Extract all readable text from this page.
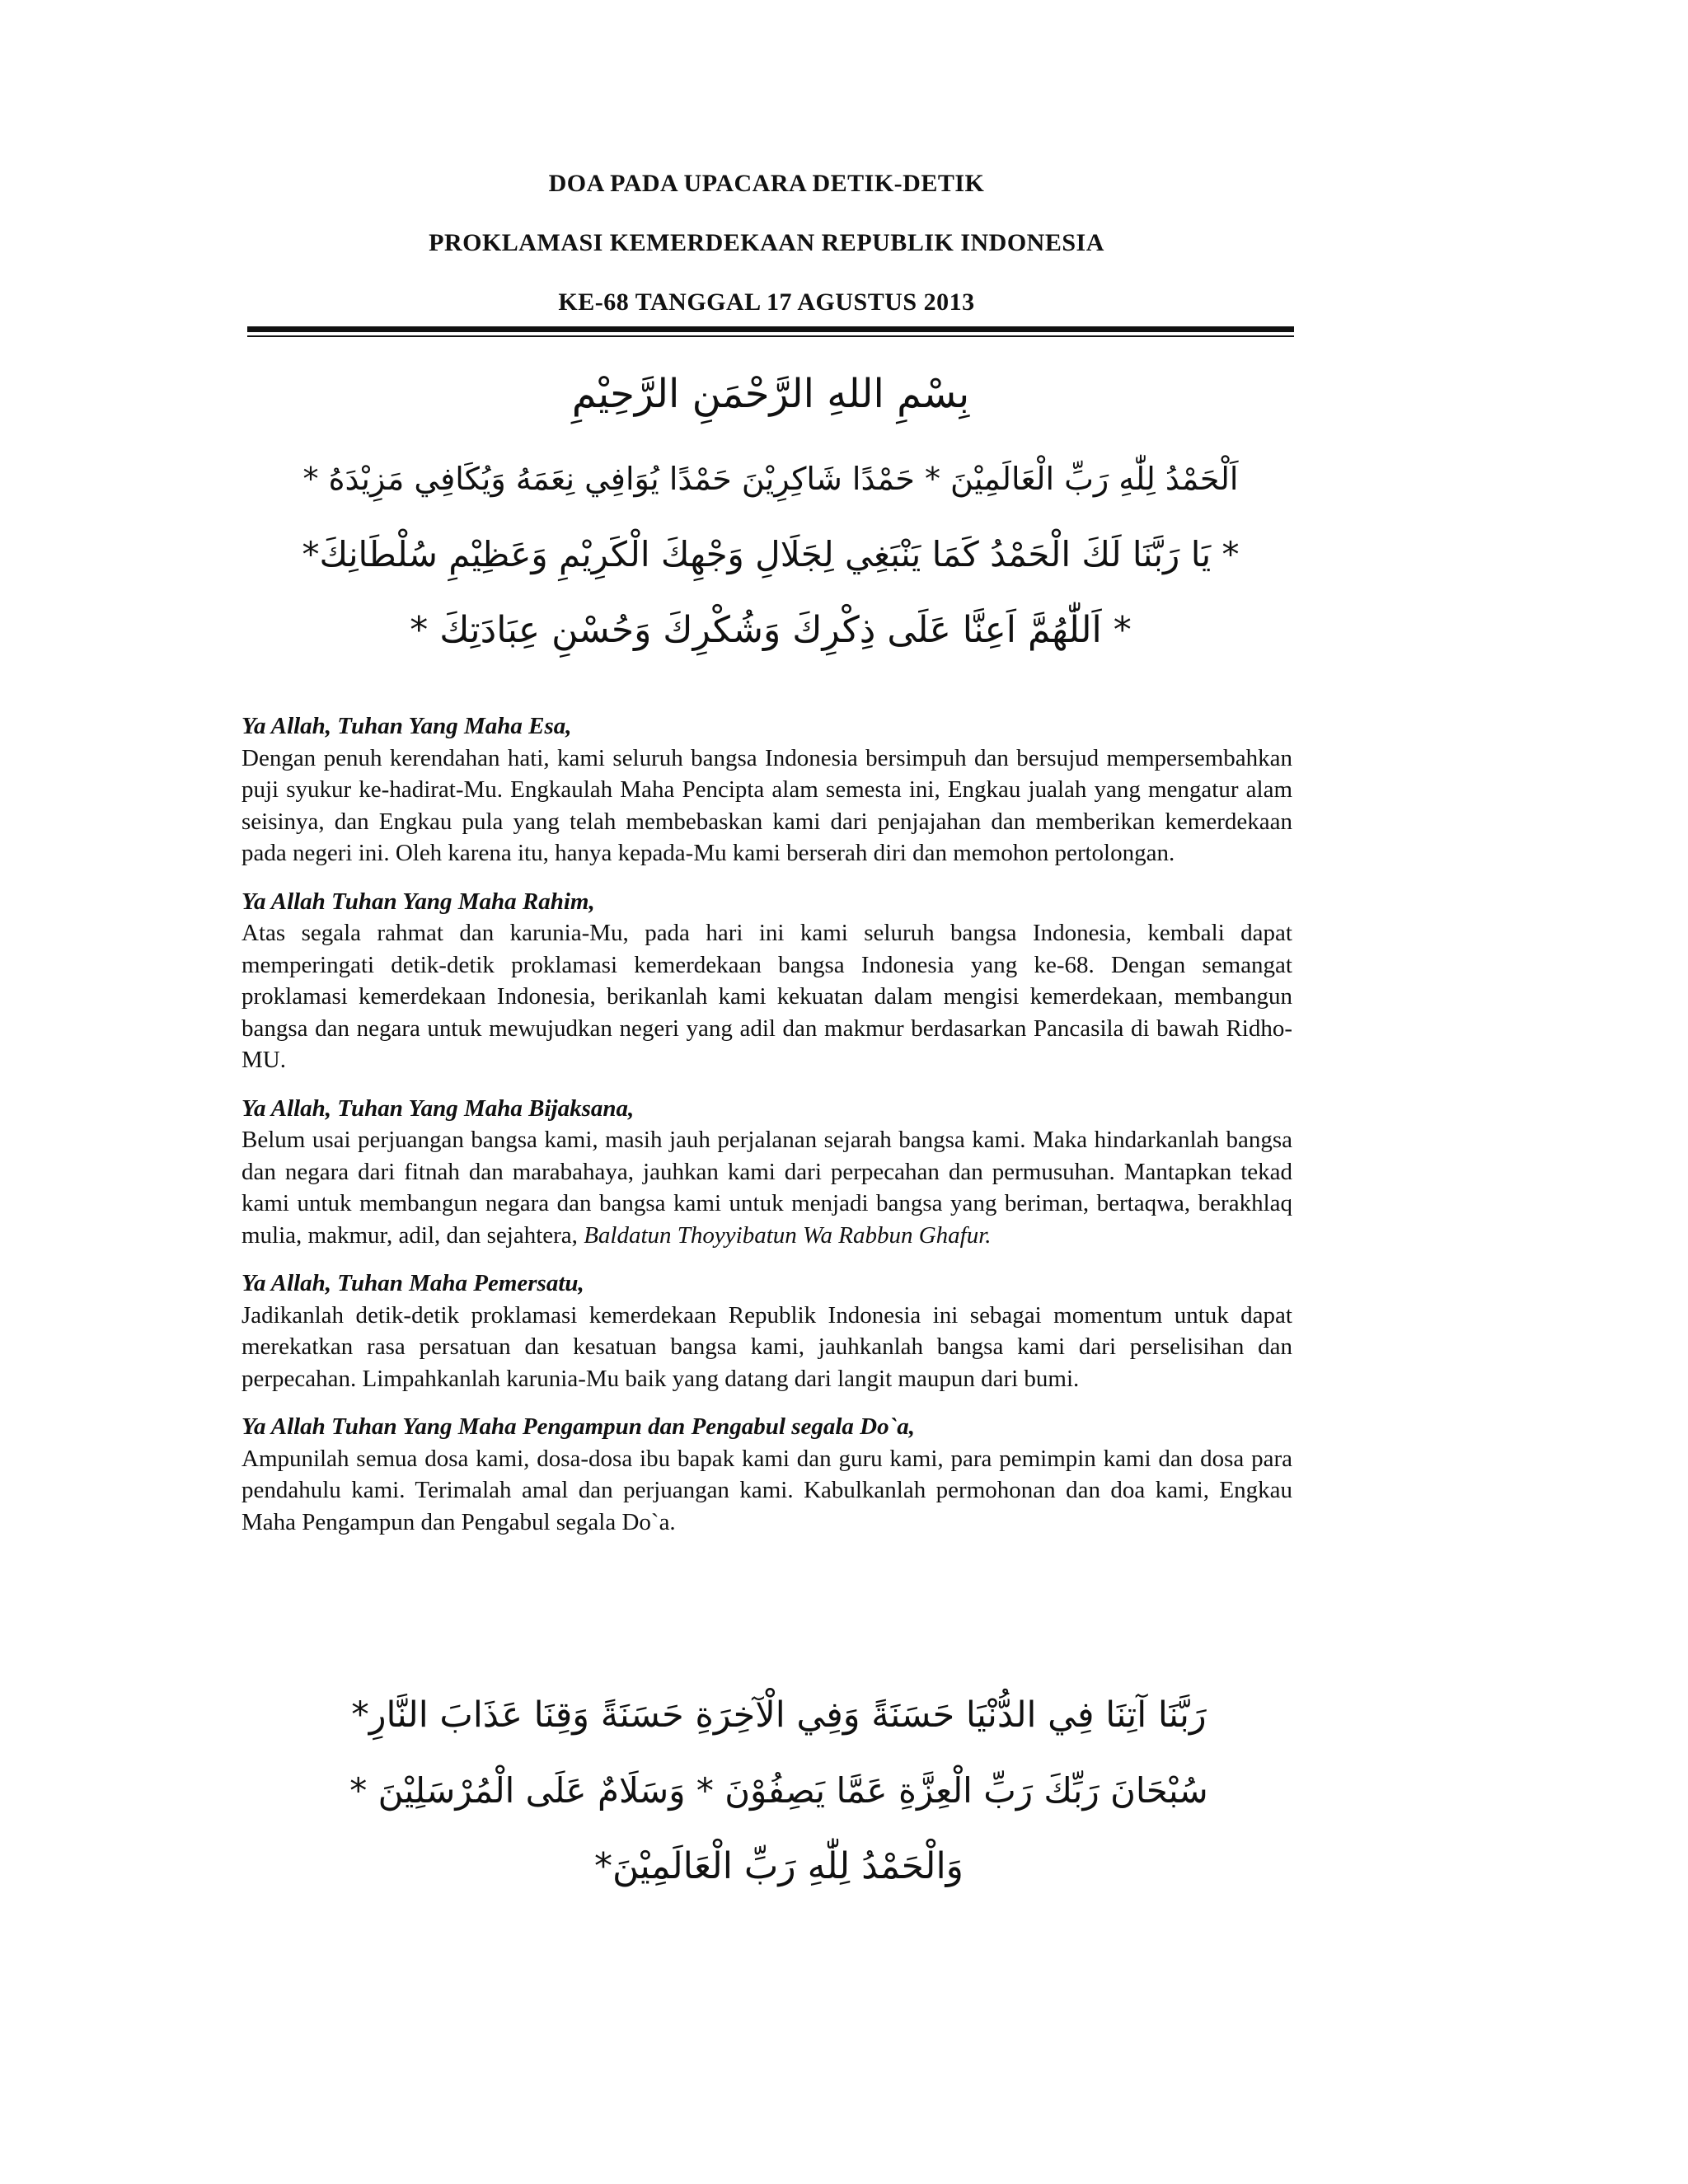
DOA PADA UPACARA DETIK-DETIK
PROKLAMASI KEMERDEKAAN REPUBLIK INDONESIA
KE-68 TANGGAL 17 AGUSTUS 2013
بِسْمِ اللهِ الرَّحْمَنِ الرَّحِيْمِ
اَلْحَمْدُ لِلّٰهِ رَبِّ الْعَالَمِيْنَ * حَمْدًا شَاكِرِيْنَ حَمْدًا يُوَافِي نِعَمَهُ وَيُكَافِي مَزِيْدَهُ *
* يَا رَبَّنَا لَكَ الْحَمْدُ كَمَا يَنْبَغِي لِجَلَالِ وَجْهِكَ الْكَرِيْمِ وَعَظِيْمِ سُلْطَانِكَ*
* اَللّٰهُمَّ اَعِنَّا عَلَى ذِكْرِكَ وَشُكْرِكَ وَحُسْنِ عِبَادَتِكَ *
Ya Allah, Tuhan Yang Maha Esa,

Dengan penuh kerendahan hati, kami seluruh bangsa Indonesia bersimpuh dan bersujud mempersembahkan puji syukur ke-hadirat-Mu. Engkaulah Maha Pencipta alam semesta ini, Engkau jualah yang mengatur alam seisinya, dan Engkau pula yang telah membebaskan kami dari penjajahan dan memberikan kemerdekaan pada negeri ini. Oleh karena itu, hanya kepada-Mu kami berserah diri dan memohon pertolongan.

Ya Allah Tuhan Yang Maha Rahim,

Atas segala rahmat dan karunia-Mu, pada hari ini kami seluruh bangsa Indonesia, kembali dapat memperingati detik-detik proklamasi kemerdekaan bangsa Indonesia yang ke-68. Dengan semangat proklamasi kemerdekaan Indonesia, berikanlah kami kekuatan dalam mengisi kemerdekaan, membangun bangsa dan negara untuk mewujudkan negeri yang adil dan makmur berdasarkan Pancasila di bawah Ridho-MU.

Ya Allah, Tuhan Yang Maha Bijaksana,

Belum usai perjuangan bangsa kami, masih jauh perjalanan sejarah bangsa kami. Maka hindarkanlah bangsa dan negara dari fitnah dan marabahaya, jauhkan kami dari perpecahan dan permusuhan. Mantapkan tekad kami untuk membangun negara dan bangsa kami untuk menjadi bangsa yang beriman, bertaqwa, berakhlaq mulia, makmur, adil, dan sejahtera, Baldatun Thoyyibatun Wa Rabbun Ghafur.

Ya Allah, Tuhan Maha Pemersatu,

Jadikanlah detik-detik proklamasi kemerdekaan Republik Indonesia ini sebagai momentum untuk dapat merekatkan rasa persatuan dan kesatuan bangsa kami, jauhkanlah bangsa kami dari perselisihan dan perpecahan. Limpahkanlah karunia-Mu baik yang datang dari langit maupun dari bumi.

Ya Allah Tuhan Yang Maha Pengampun dan Pengabul segala Do`a,

Ampunilah semua dosa kami, dosa-dosa ibu bapak kami dan guru kami, para pemimpin kami dan dosa para pendahulu kami. Terimalah amal dan perjuangan kami. Kabulkanlah permohonan dan doa kami, Engkau Maha Pengampun dan Pengabul segala Do`a.

رَبَّنَا آتِنَا فِي الدُّنْيَا حَسَنَةً وَفِي الْآخِرَةِ حَسَنَةً وَقِنَا عَذَابَ النَّارِ*
سُبْحَانَ رَبِّكَ رَبِّ الْعِزَّةِ عَمَّا يَصِفُوْنَ * وَسَلَامٌ عَلَى الْمُرْسَلِيْنَ *
وَالْحَمْدُ لِلّٰهِ رَبِّ الْعَالَمِيْنَ*
